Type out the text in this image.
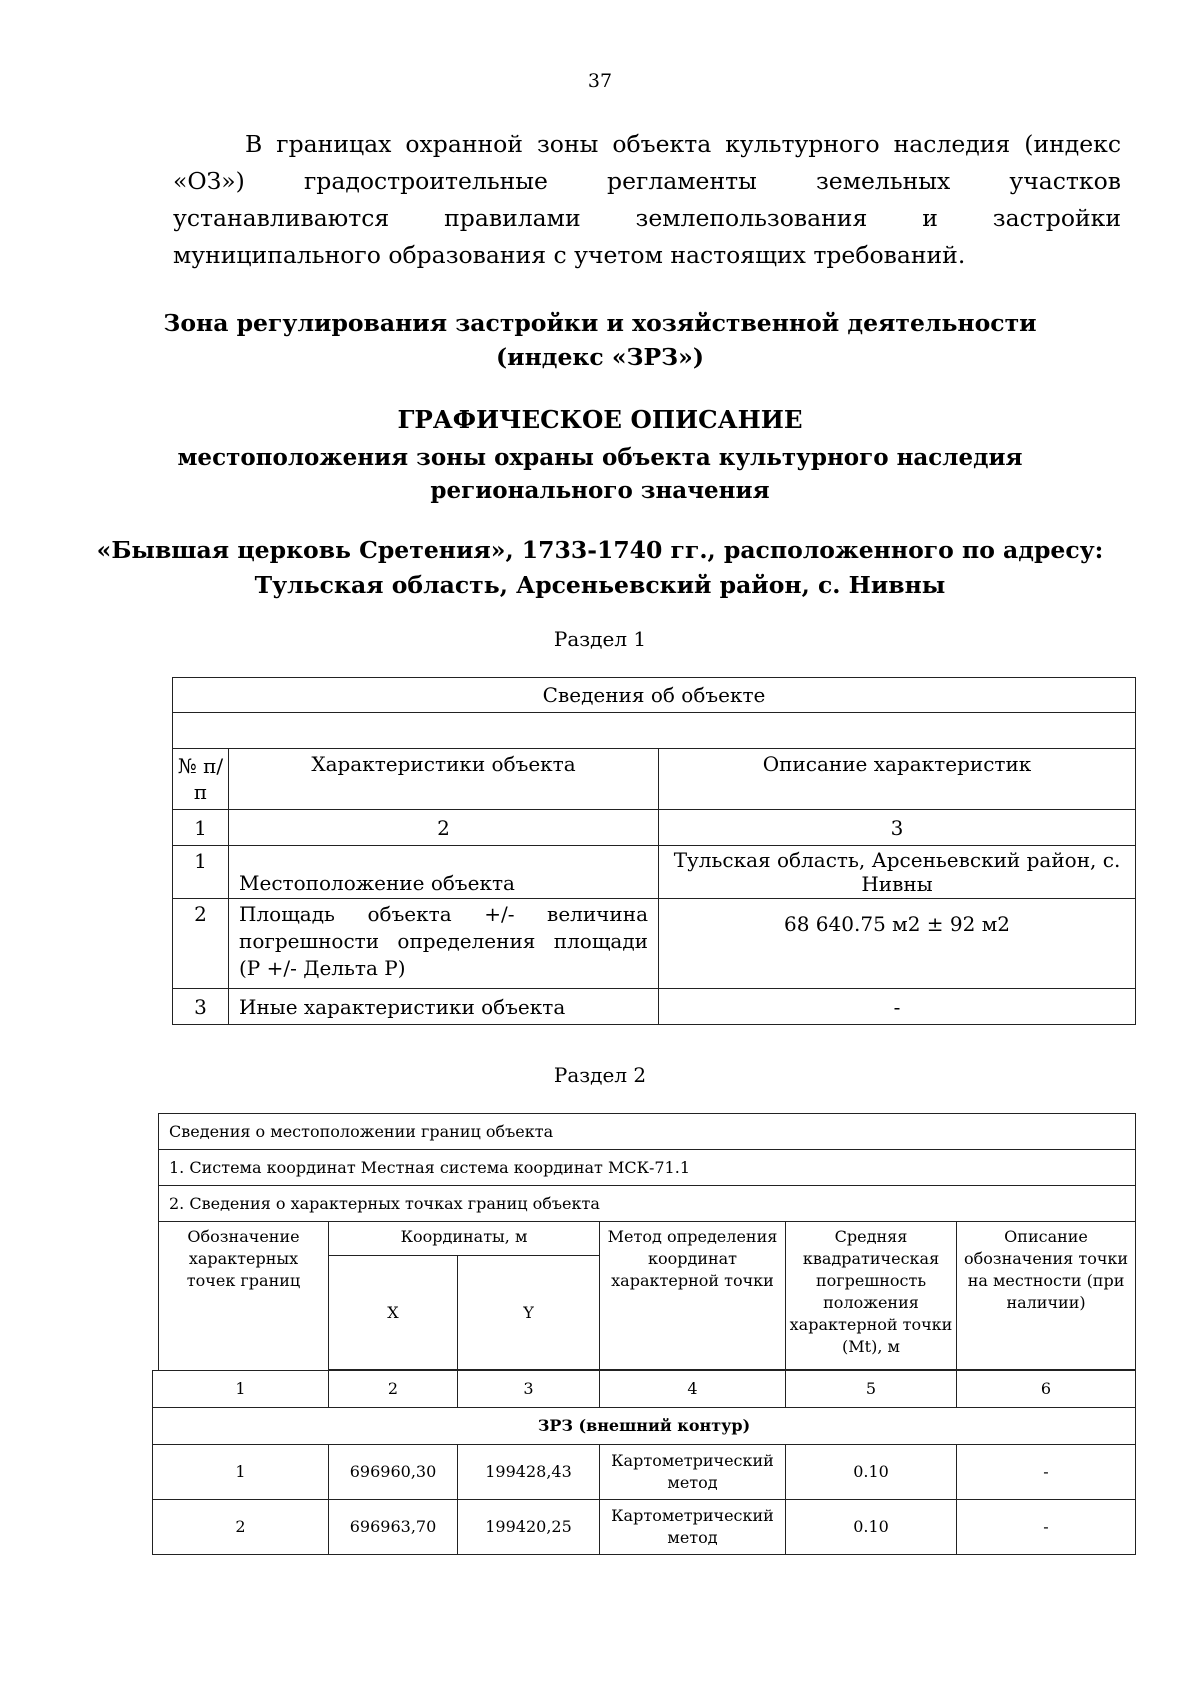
37

В границах охранной зоны объекта культурного наследия (индекс «ОЗ») градостроительные регламенты земельных участков устанавливаются правилами землепользования и застройки муниципального образования с учетом настоящих требований.

Зона регулирования застройки и хозяйственной деятельности
(индекс «ЗРЗ»)
ГРАФИЧЕСКОЕ ОПИСАНИЕ
местоположения зоны охраны объекта культурного наследия
регионального значения
«Бывшая церковь Сретения», 1733-1740 гг., расположенного по адресу:
Тульская область, Арсеньевский район, с. Нивны
Раздел 1
Сведения об объекте		

№ п/п	Характеристики объекта	Описание характеристик
1	2	3
1	Местоположение объекта	Тульская область, Арсеньевский район, с. Нивны
2	Площадь объекта +/- величина погрешности определения площади (Р +/- Дельта Р)	68 640.75 м2 ± 92 м2
3	Иные характеристики объекта	-
Раздел 2
Сведения о местоположении границ объекта					
1. Система координат Местная система координат МСК-71.1					
2. Сведения о характерных точках границ объекта					
Обозначение характерных точек границ	Координаты, м		Метод определения координат характерной точки	Средняя квадратическая погрешность положения характерной точки (Mt), м	Описание обозначения точки на местности (при наличии)
	X	Y			
1	2	3	4	5	6
ЗРЗ (внешний контур)					
1	696960,30	199428,43	Картометрический метод	0.10	-
2	696963,70	199420,25	Картометрический метод	0.10	-
